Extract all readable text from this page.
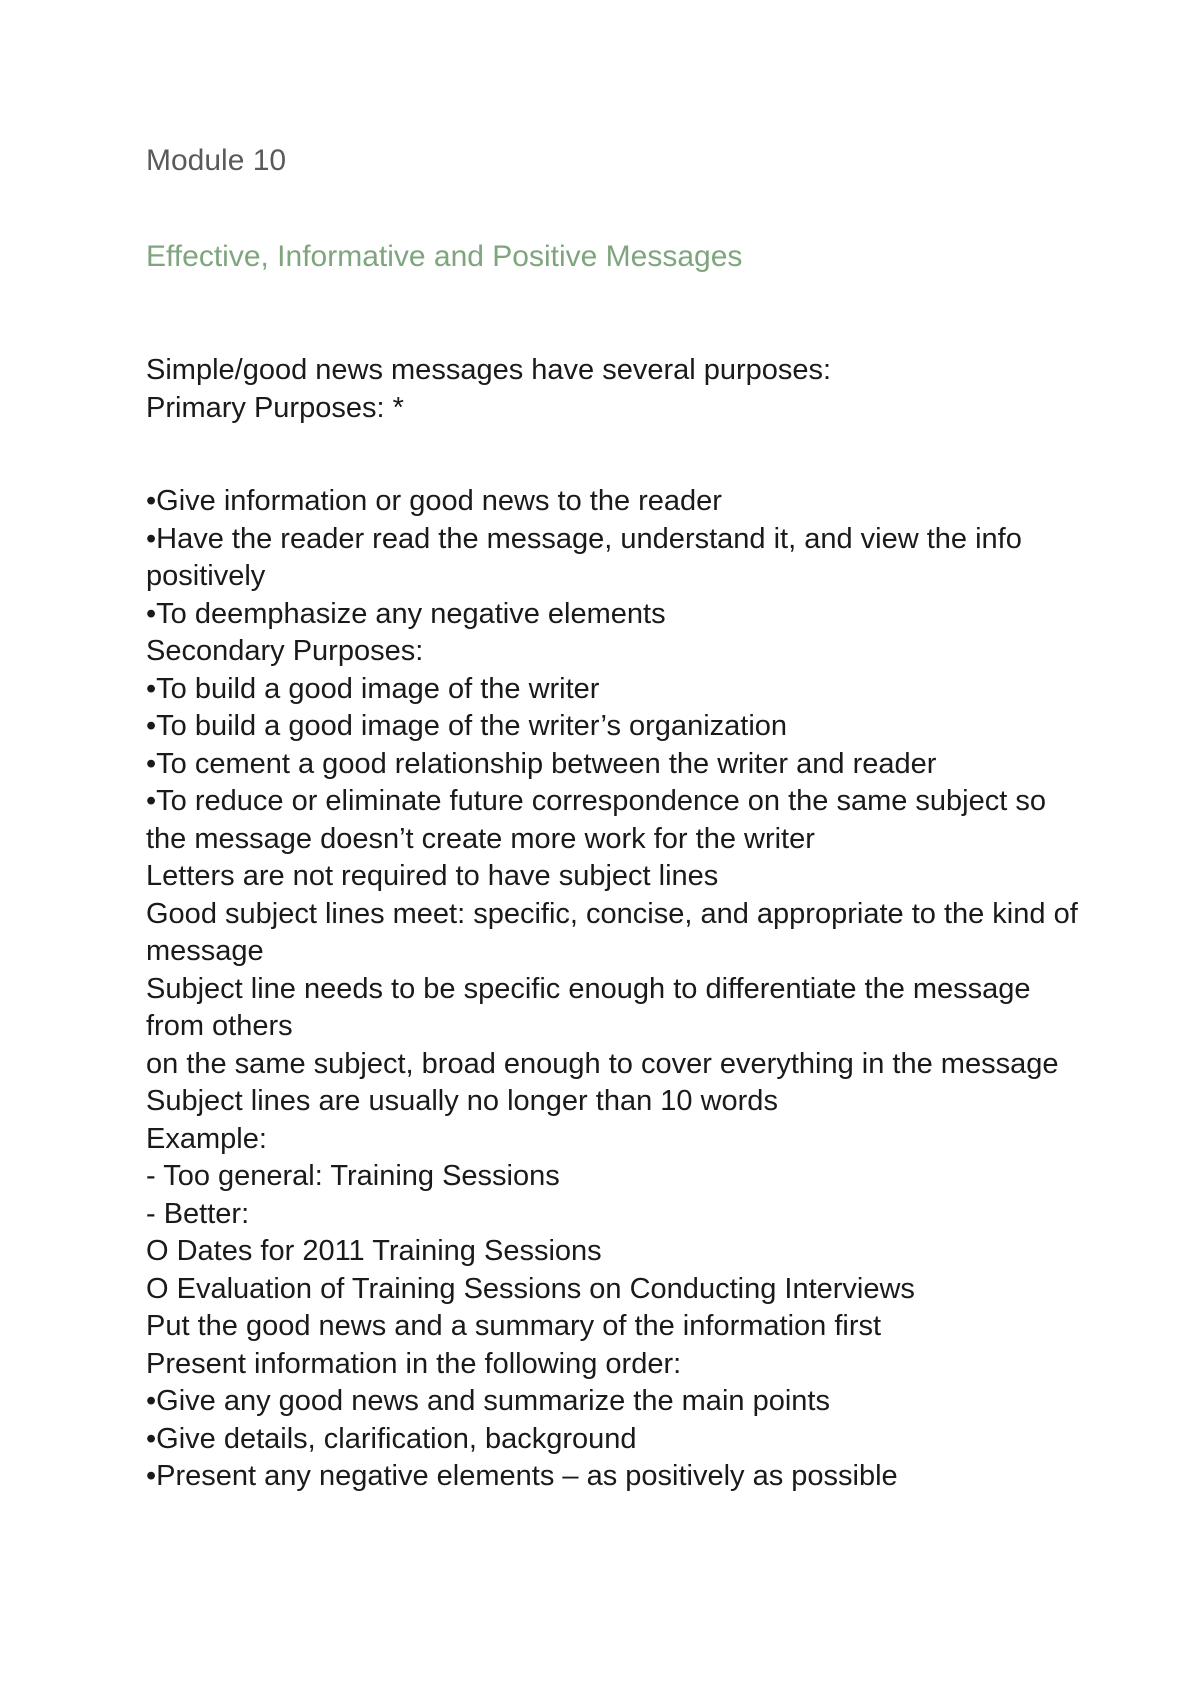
Module 10
Effective, Informative and Positive Messages
Simple/good news messages have several purposes:
Primary Purposes: *
•Give information or good news to the reader
•Have the reader read the message, understand it, and view the info positively
•To deemphasize any negative elements
Secondary Purposes:
•To build a good image of the writer
•To build a good image of the writer’s organization
•To cement a good relationship between the writer and reader
•To reduce or eliminate future correspondence on the same subject so the message doesn’t create more work for the writer
Letters are not required to have subject lines
Good subject lines meet: specific, concise, and appropriate to the kind of message
Subject line needs to be specific enough to differentiate the message from others
on the same subject, broad enough to cover everything in the message
Subject lines are usually no longer than 10 words
Example:
- Too general: Training Sessions
- Better:
O Dates for 2011 Training Sessions
O Evaluation of Training Sessions on Conducting Interviews
Put the good news and a summary of the information first
Present information in the following order:
•Give any good news and summarize the main points
•Give details, clarification, background
•Present any negative elements – as positively as possible
